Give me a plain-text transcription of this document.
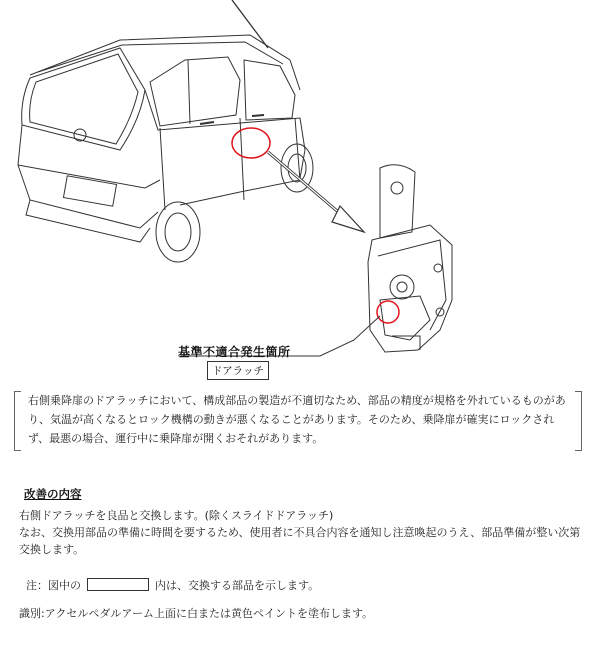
基準不適合発生箇所
ドアラッチ
右側乗降扉のドアラッチにおいて、構成部品の製造が不適切なため、部品の精度が規格を外れているものがあり、気温が高くなるとロック機構の動きが悪くなることがあります。そのため、乗降扉が確実にロックされず、最悪の場合、運行中に乗降扉が開くおそれがあります。
改善の内容
右側ドアラッチを良品と交換します。(除くスライドドアラッチ)
なお、交換用部品の準備に時間を要するため、使用者に不具合内容を通知し注意喚起のうえ、部品準備が整い次第交換します。
注：図中の	内は、交換する部品を示します。
識別:アクセルペダルアーム上面に白または黄色ペイントを塗布します。
